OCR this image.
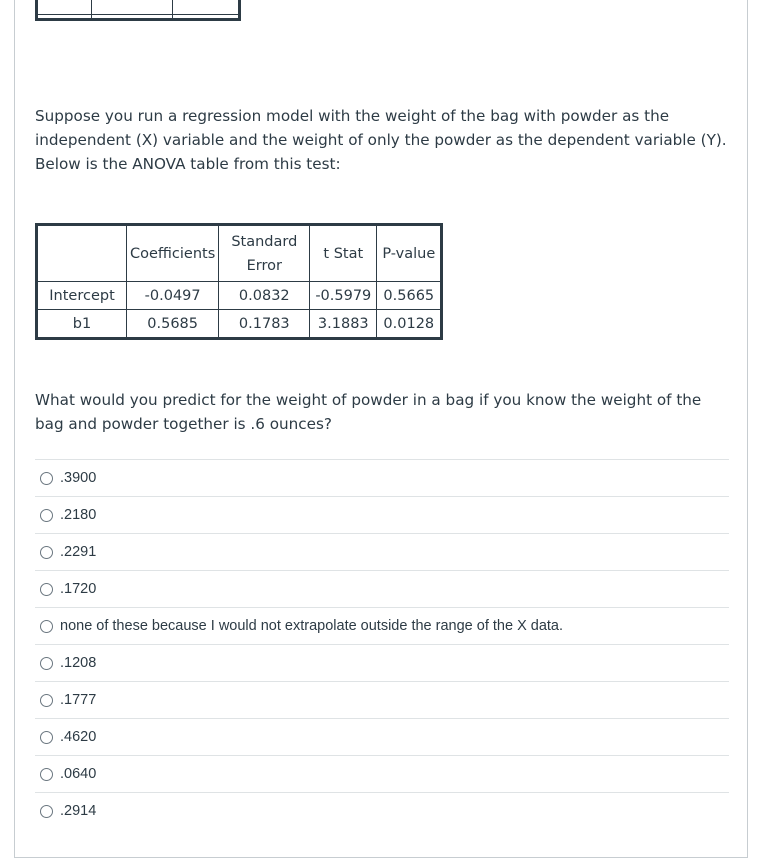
Suppose you run a regression model with the weight of the bag with powder as the independent (X) variable and the weight of only the powder as the dependent variable (Y). Below is the ANOVA table from this test:

	Coefficients	Standard Error	t Stat	P-value
Intercept	-0.0497	0.0832	-0.5979	0.5665
b1	0.5685	0.1783	3.1883	0.0128

What would you predict for the weight of powder in a bag if you know the weight of the bag and powder together is .6 ounces?

.3900
.2180
.2291
.1720
none of these because I would not extrapolate outside the range of the X data.
.1208
.1777
.4620
.0640
.2914
